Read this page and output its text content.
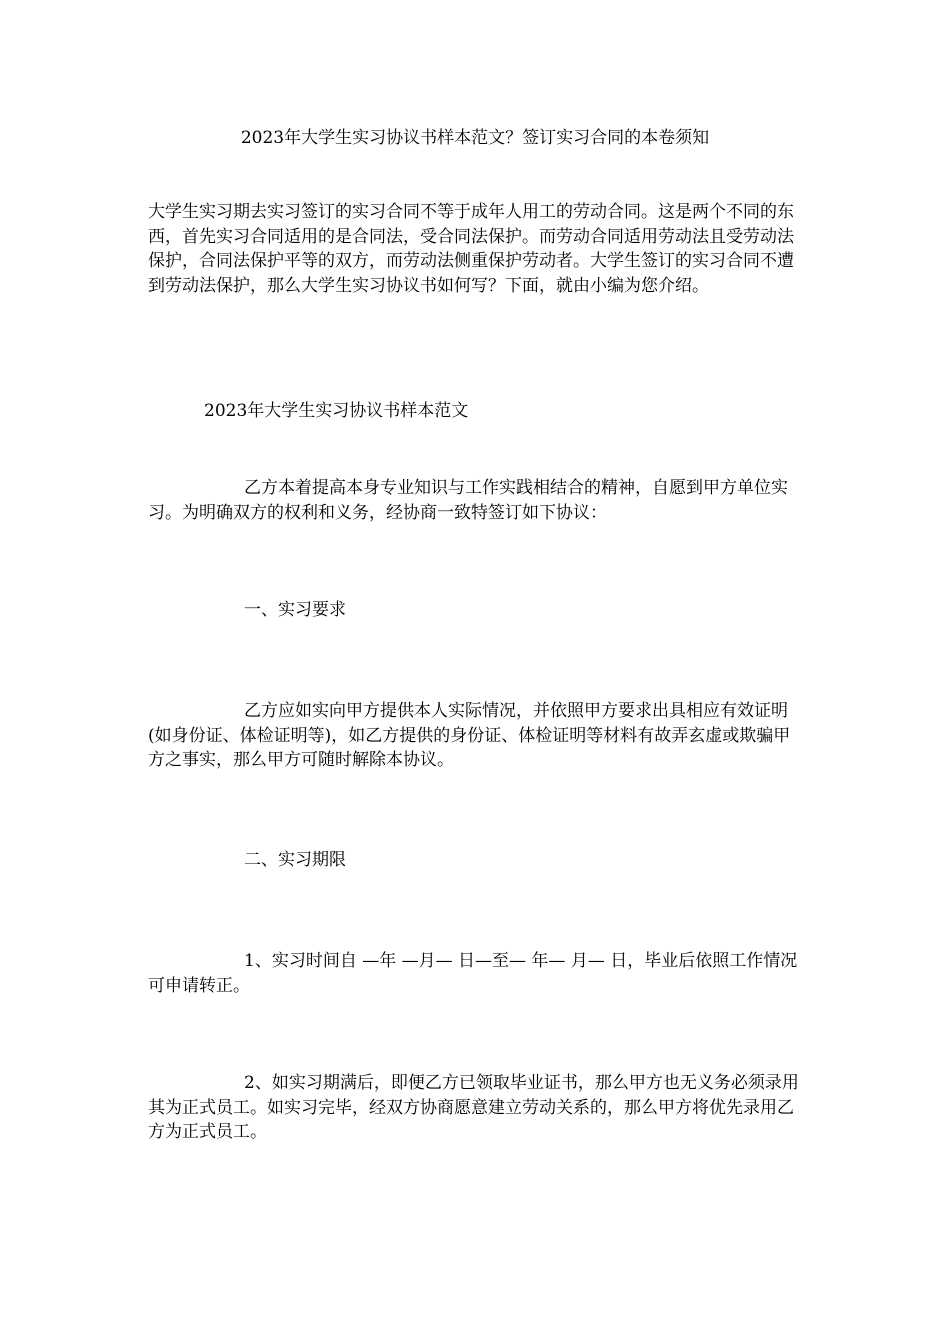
2023年大学生实习协议书样本范文？签订实习合同的本卷须知

大学生实习期去实习签订的实习合同不等于成年人用工的劳动合同。这是两个不同的东西，首先实习合同适用的是合同法，受合同法保护。而劳动合同适用劳动法且受劳动法保护，合同法保护平等的双方，而劳动法侧重保护劳动者。大学生签订的实习合同不遭到劳动法保护，那么大学生实习协议书如何写？下面，就由小编为您介绍。

2023年大学生实习协议书样本范文

乙方本着提高本身专业知识与工作实践相结合的精神，自愿到甲方单位实习。为明确双方的权利和义务，经协商一致特签订如下协议：

一、实习要求

乙方应如实向甲方提供本人实际情况，并依照甲方要求出具相应有效证明(如身份证、体检证明等)，如乙方提供的身份证、体检证明等材料有故弄玄虚或欺骗甲方之事实，那么甲方可随时解除本协议。

二、实习期限

1、实习时间自 —年 —月— 日—至— 年— 月— 日，毕业后依照工作情况可申请转正。

2、如实习期满后，即便乙方已领取毕业证书，那么甲方也无义务必须录用其为正式员工。如实习完毕，经双方协商愿意建立劳动关系的，那么甲方将优先录用乙方为正式员工。
